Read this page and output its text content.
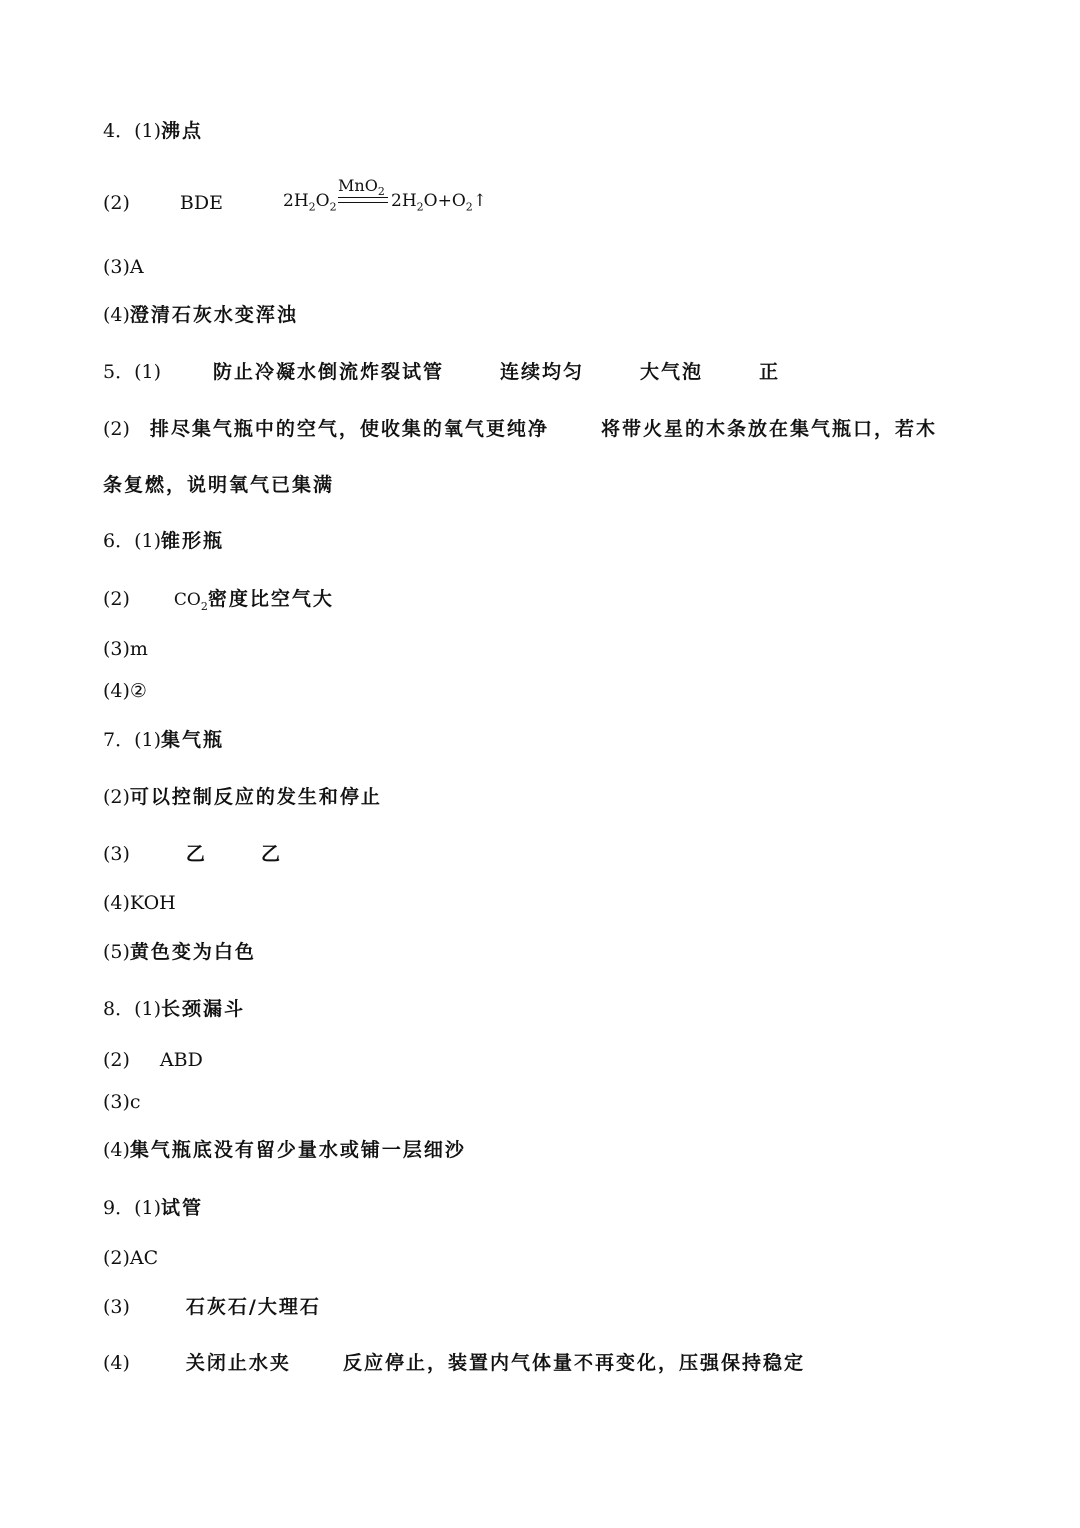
4．(1)沸点
(2)	BDE	$2H_2O_2$
MnO$_2$ $2H_2O+O_2↑$
(3)A
(4)澄清石灰水变浑浊
5．(1)	防止冷凝水倒流炸裂试管	连续均匀	大气泡	正
(2) 排尽集气瓶中的空气，使收集的氧气更纯净	将带火星的木条放在集气瓶口，若木
条复燃，说明氧气已集满
6．(1)锥形瓶
(2)	$CO_2$密度比空气大
(3)m
(4)②
7．(1)集气瓶
(2)可以控制反应的发生和停止
(3)	乙	乙
(4)KOH
(5)黄色变为白色
8．(1)长颈漏斗
(2) ABD
(3)c
(4)集气瓶底没有留少量水或铺一层细沙
9．(1)试管
(2)AC
(3)	石灰石/大理石
(4)	关闭止水夹	反应停止，装置内气体量不再变化，压强保持稳定
